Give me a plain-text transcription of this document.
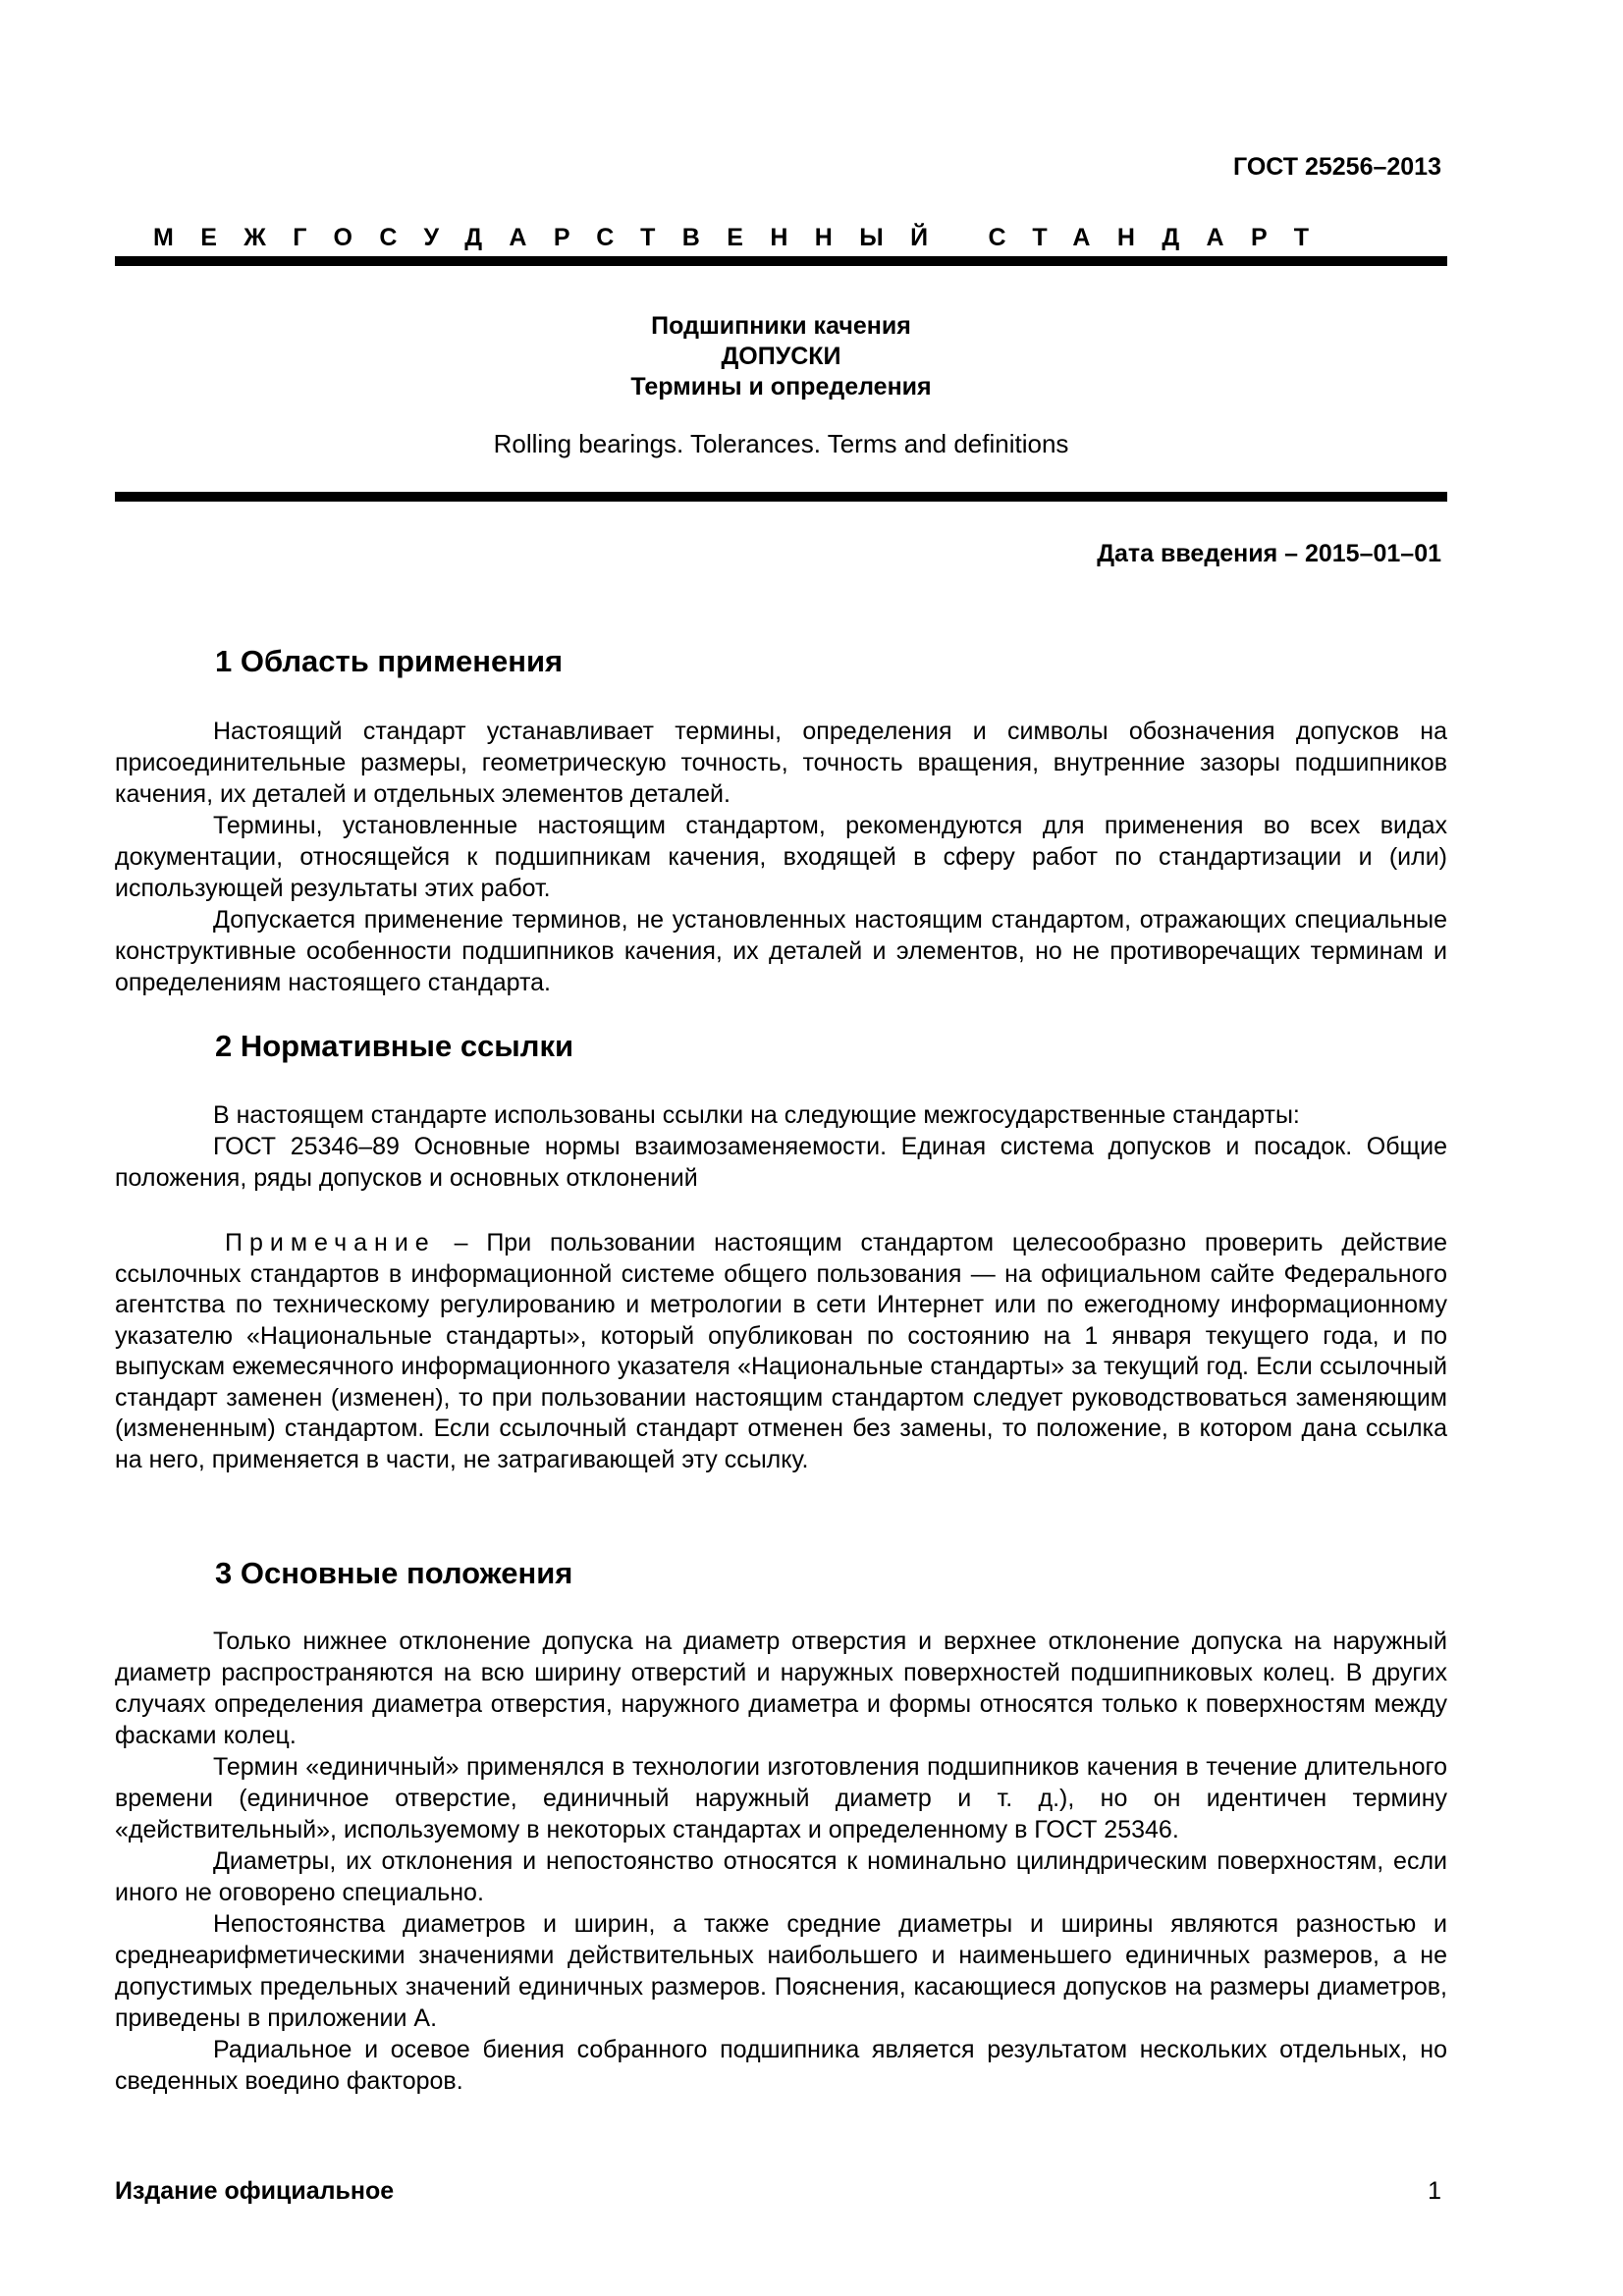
ГОСТ 25256–2013
МЕЖГОСУДАРСТВЕННЫЙ СТАНДАРТ
Подшипники качения
ДОПУСКИ
Термины и определения
Rolling bearings. Tolerances. Terms and definitions
Дата введения – 2015–01–01
1 Область применения

Настоящий стандарт устанавливает термины, определения и символы обозначения допусков на присоединительные размеры, геометрическую точность, точность вращения, внутренние зазоры подшипников качения, их деталей и отдельных элементов деталей.

Термины, установленные настоящим стандартом, рекомендуются для применения во всех видах документации, относящейся к подшипникам качения, входящей в сферу работ по стандартизации и (или) использующей результаты этих работ.

Допускается применение терминов, не установленных настоящим стандартом, отражающих специальные конструктивные особенности подшипников качения, их деталей и элементов, но не противоречащих терминам и определениям настоящего стандарта.

2 Нормативные ссылки

В настоящем стандарте использованы ссылки на следующие межгосударственные стандарты:

ГОСТ 25346–89 Основные нормы взаимозаменяемости. Единая система допусков и посадок. Общие положения, ряды допусков и основных отклонений

Примечание – При пользовании настоящим стандартом целесообразно проверить действие ссылочных стандартов в информационной системе общего пользования — на официальном сайте Федерального агентства по техническому регулированию и метрологии в сети Интернет или по ежегодному информационному указателю «Национальные стандарты», который опубликован по состоянию на 1 января текущего года, и по выпускам ежемесячного информационного указателя «Национальные стандарты» за текущий год. Если ссылочный стандарт заменен (изменен), то при пользовании настоящим стандартом следует руководствоваться заменяющим (измененным) стандартом. Если ссылочный стандарт отменен без замены, то положение, в котором дана ссылка на него, применяется в части, не затрагивающей эту ссылку.

3 Основные положения

Только нижнее отклонение допуска на диаметр отверстия и верхнее отклонение допуска на наружный диаметр распространяются на всю ширину отверстий и наружных поверхностей подшипниковых колец. В других случаях определения диаметра отверстия, наружного диаметра и формы относятся только к поверхностям между фасками колец.

Термин «единичный» применялся в технологии изготовления подшипников качения в течение длительного времени (единичное отверстие, единичный наружный диаметр и т. д.), но он идентичен термину «действительный», используемому в некоторых стандартах и определенному в ГОСТ 25346.

Диаметры, их отклонения и непостоянство относятся к номинально цилиндрическим поверхностям, если иного не оговорено специально.

Непостоянства диаметров и ширин, а также средние диаметры и ширины являются разностью и среднеарифметическими значениями действительных наибольшего и наименьшего единичных размеров, а не допустимых предельных значений единичных размеров. Пояснения, касающиеся допусков на размеры диаметров, приведены в приложении А.

Радиальное и осевое биения собранного подшипника является результатом нескольких отдельных, но сведенных воедино факторов.

Издание официальное	1
